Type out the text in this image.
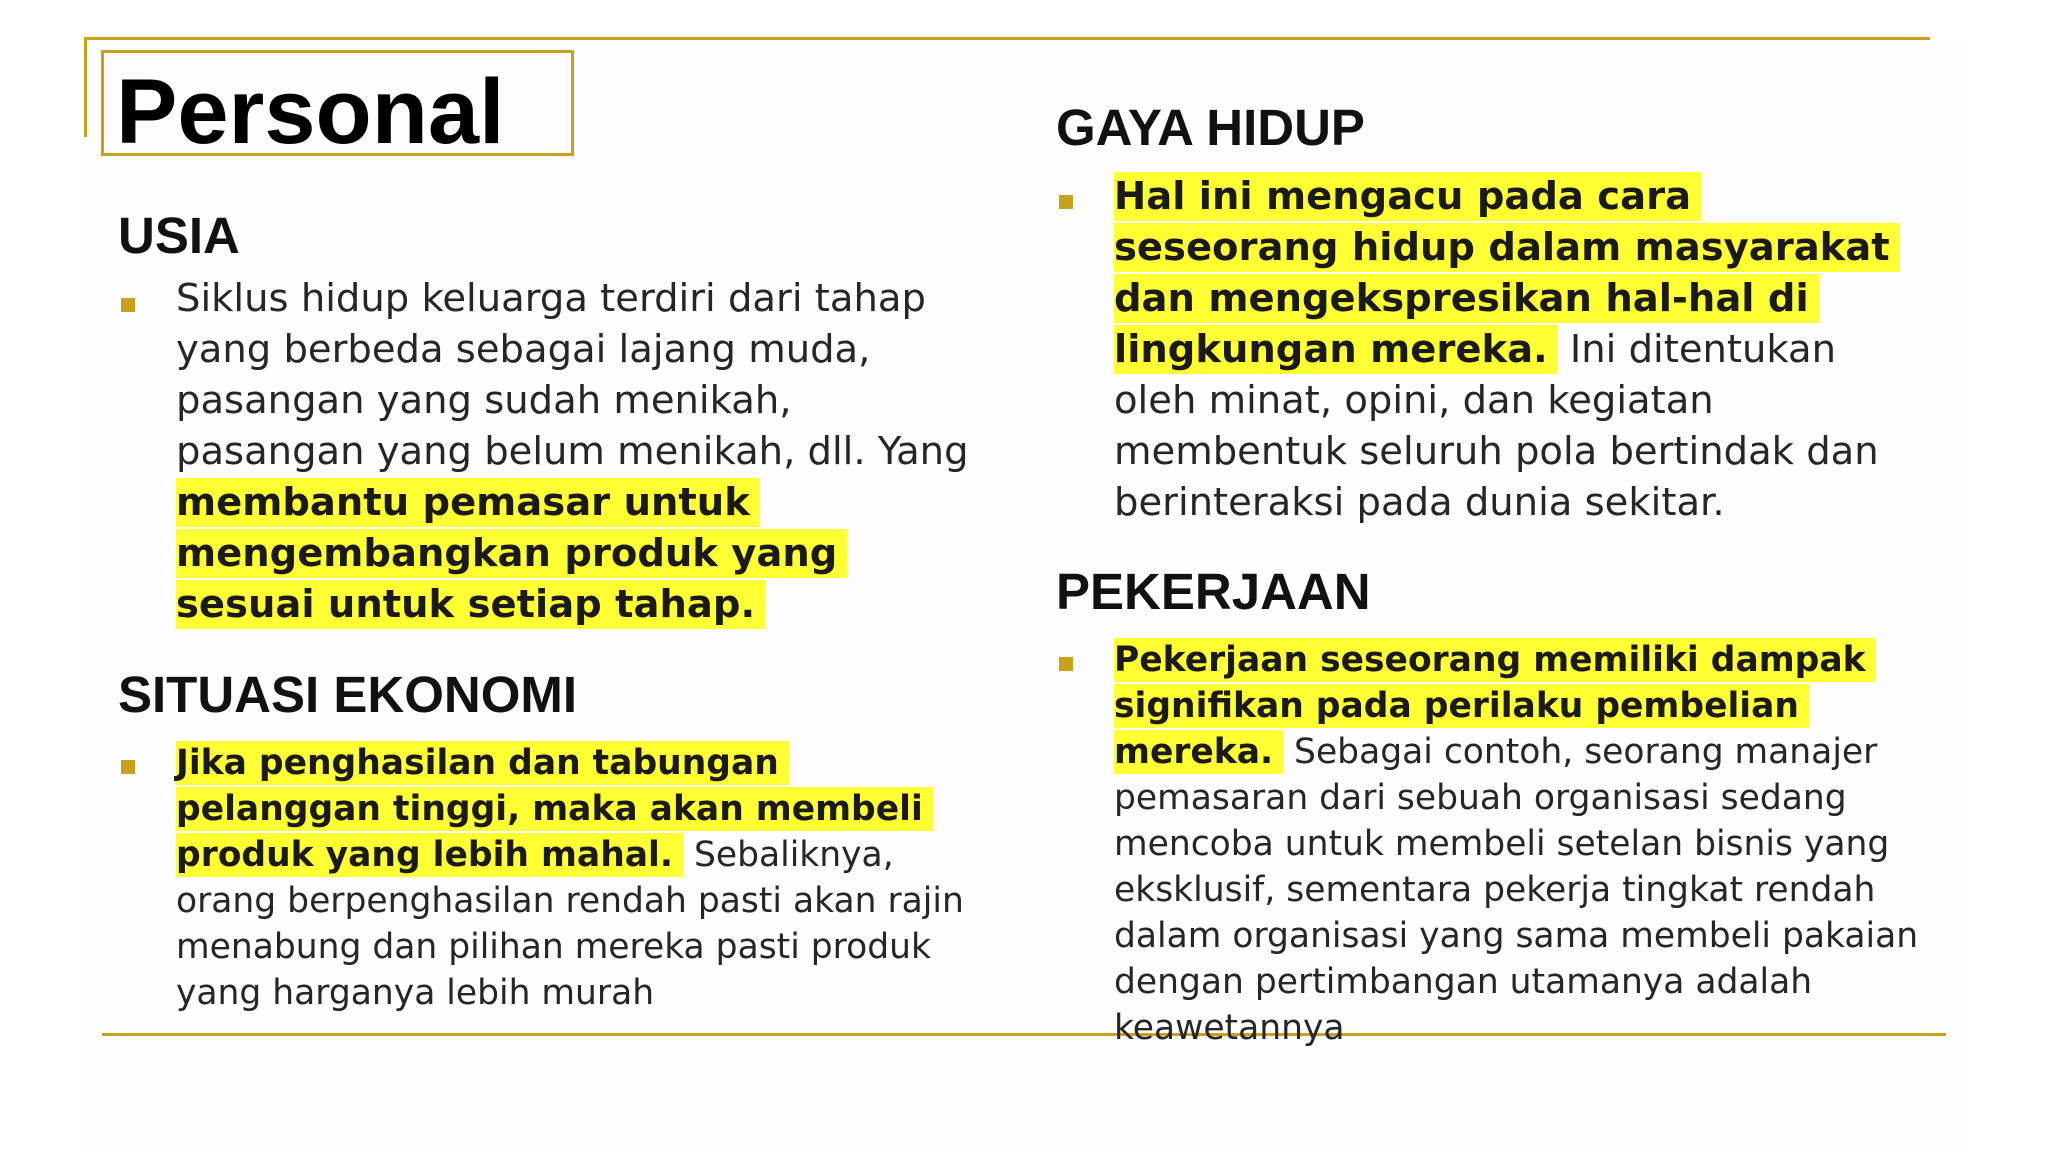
Personal
USIA

Siklus hidup keluarga terdiri dari tahap yang berbeda sebagai lajang muda, pasangan yang sudah menikah, pasangan yang belum menikah, dll. Yang membantu pemasar untuk mengembangkan produk yang sesuai untuk setiap tahap.

SITUASI EKONOMI

Jika penghasilan dan tabungan pelanggan tinggi, maka akan membeli produk yang lebih mahal. Sebaliknya, orang berpenghasilan rendah pasti akan rajin menabung dan pilihan mereka pasti produk yang harganya lebih murah

GAYA HIDUP

Hal ini mengacu pada cara seseorang hidup dalam masyarakat dan mengekspresikan hal-hal di lingkungan mereka. Ini ditentukan oleh minat, opini, dan kegiatan membentuk seluruh pola bertindak dan berinteraksi pada dunia sekitar.

PEKERJAAN

Pekerjaan seseorang memiliki dampak signifikan pada perilaku pembelian mereka. Sebagai contoh, seorang manajer pemasaran dari sebuah organisasi sedang mencoba untuk membeli setelan bisnis yang eksklusif, sementara pekerja tingkat rendah dalam organisasi yang sama membeli pakaian dengan pertimbangan utamanya adalah keawetannya
